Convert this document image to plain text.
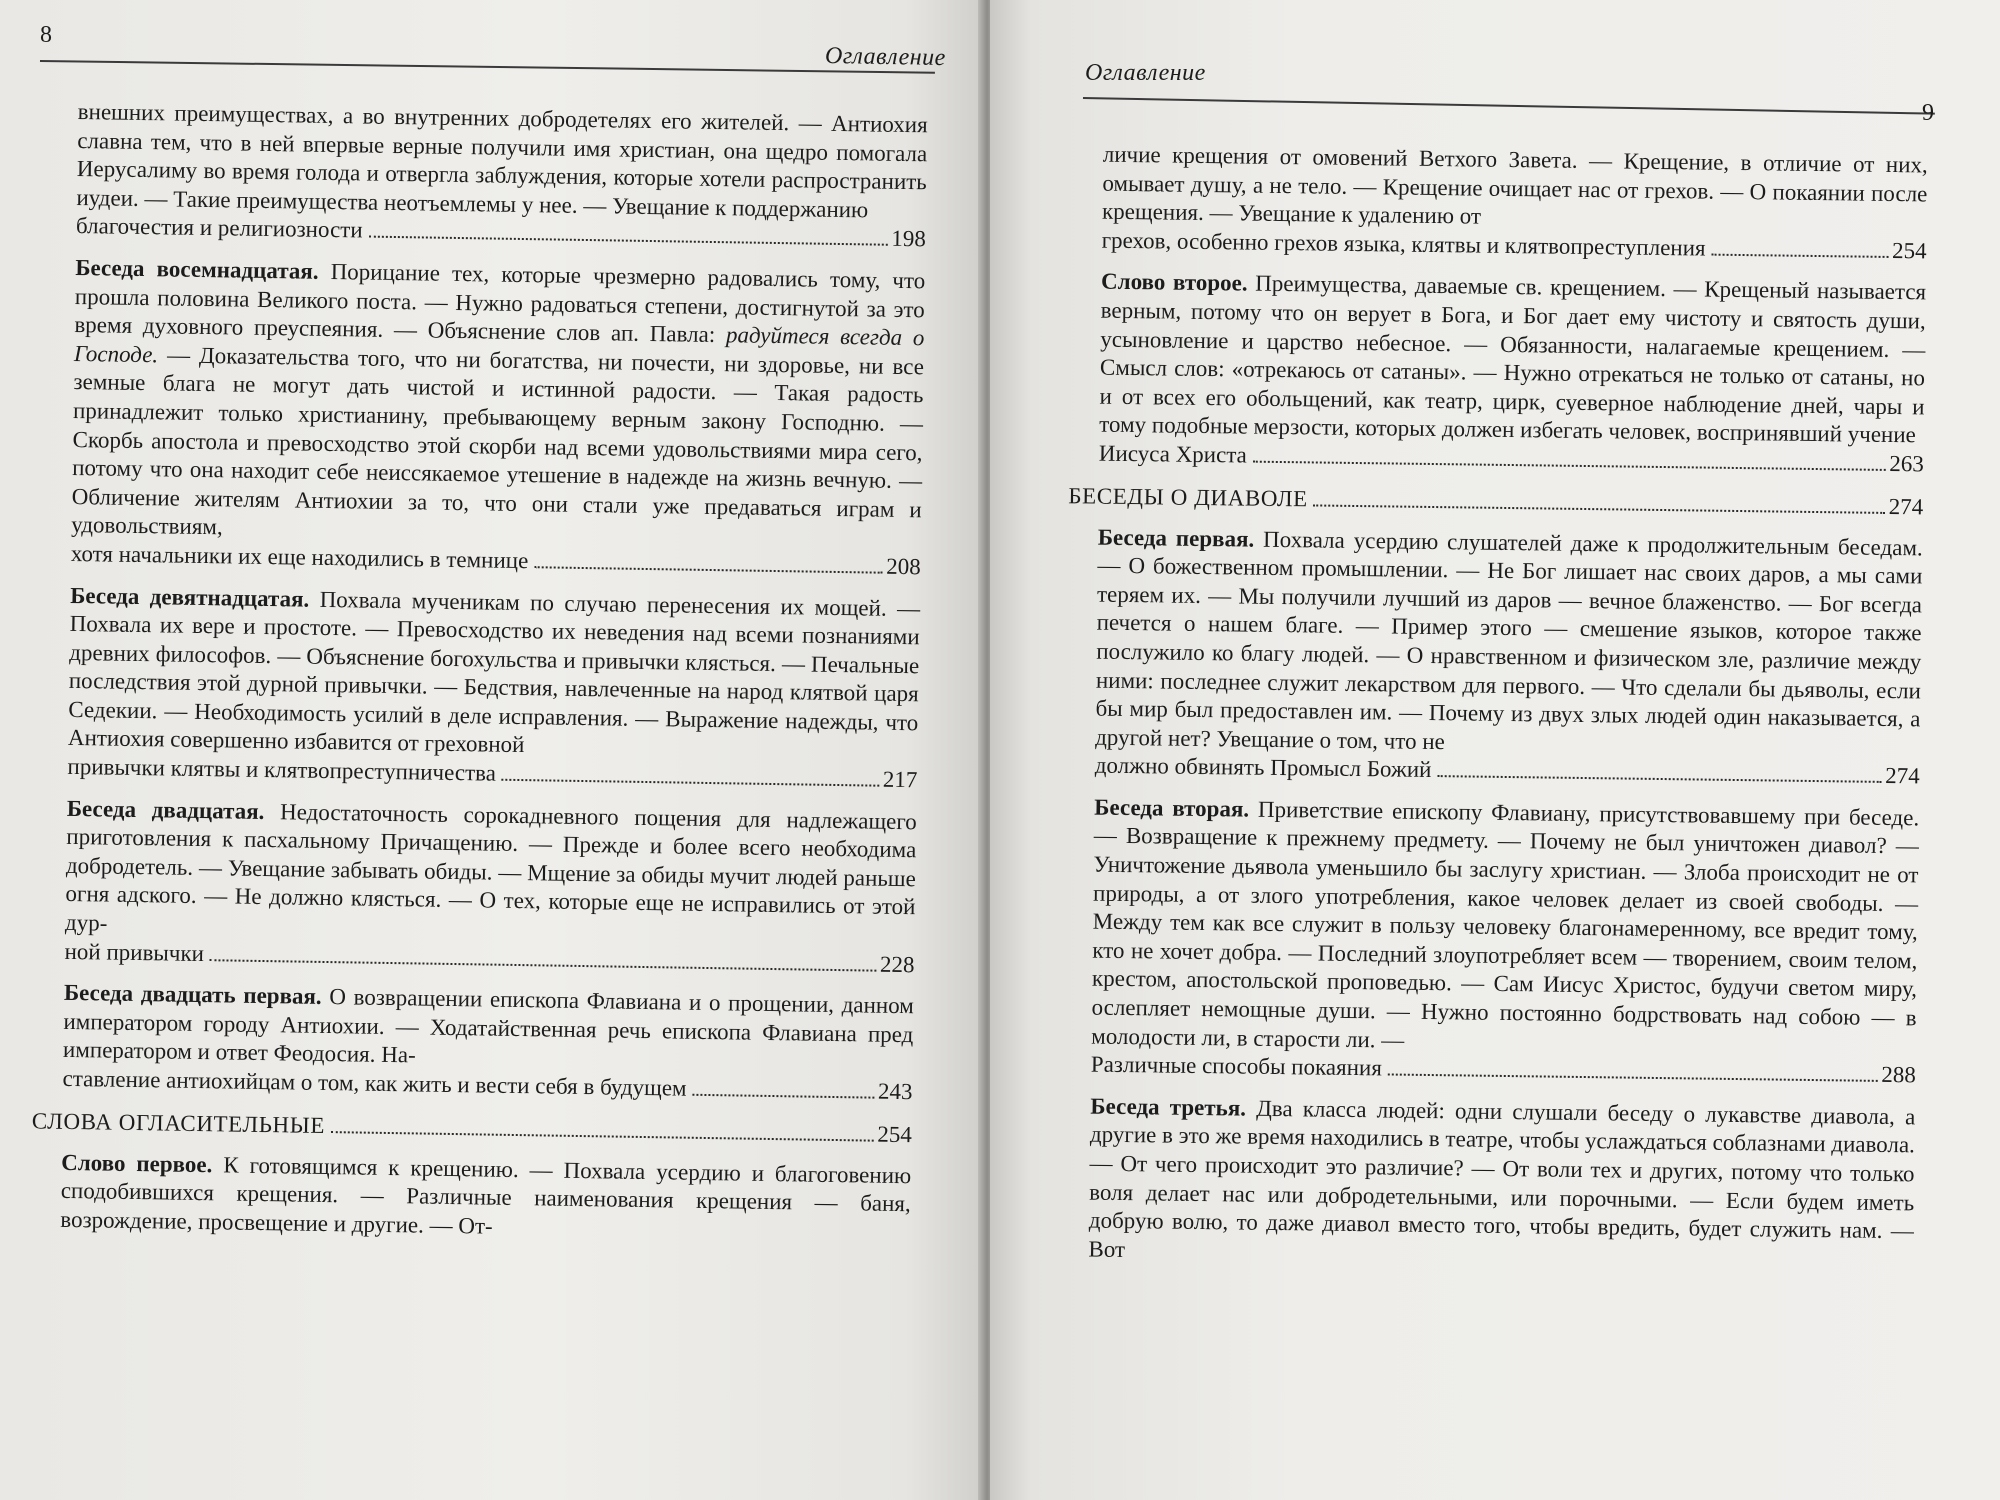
8
Оглавление
внешних преимуществах, а во внутренних добродетелях его жителей. — Антиохия славна тем, что в ней впервые верные получили имя христиан, она щедро помогала Иерусалиму во время голода и отвергла заблуждения, которые хотели распространить иудеи. — Такие преимущества неотъемлемы у нее. — Увещание к поддержанию
благочестия и религиозности	198
Беседа восемнадцатая. Порицание тех, которые чрезмерно радовались тому, что прошла половина Великого поста. — Нужно радоваться степени, достигнутой за это время духовного преуспеяния. — Объяснение слов ап. Павла: радуйтеся всегда о Господе. — Доказательства того, что ни богатства, ни почести, ни здоровье, ни все земные блага не могут дать чистой и истинной радости. — Такая радость принадлежит только христианину, пребывающему верным закону Господню. — Скорбь апостола и превосходство этой скорби над всеми удовольствиями мира сего, потому что она находит себе неиссякаемое утешение в надежде на жизнь вечную. — Обличение жителям Антиохии за то, что они стали уже предаваться играм и удовольствиям,
хотя начальники их еще находились в темнице	208
Беседа девятнадцатая. Похвала мученикам по случаю перенесения их мощей. — Похвала их вере и простоте. — Превосходство их неведения над всеми познаниями древних философов. — Объяснение богохульства и привычки клясться. — Печальные последствия этой дурной привычки. — Бедствия, навлеченные на народ клятвой царя Седекии. — Необходимость усилий в деле исправления. — Выражение надежды, что Антиохия совершенно избавится от греховной
привычки клятвы и клятвопреступничества	217
Беседа двадцатая. Недостаточность сорокадневного пощения для надлежащего приготовления к пасхальному Причащению. — Прежде и более всего необходима добродетель. — Увещание забывать обиды. — Мщение за обиды мучит людей раньше огня адского. — Не должно клясться. — О тех, которые еще не исправились от этой дур-
ной привычки	228
Беседа двадцать первая. О возвращении епископа Флавиана и о прощении, данном императором городу Антиохии. — Ходатайственная речь епископа Флавиана пред императором и ответ Феодосия. На-
ставление антиохийцам о том, как жить и вести себя в будущем	243
СЛОВА ОГЛАСИТЕЛЬНЫЕ	254
Слово первое. К готовящимся к крещению. — Похвала усердию и благоговению сподобившихся крещения. — Различные наименования крещения — баня, возрождение, просвещение и другие. — От-
Оглавление
9
личие крещения от омовений Ветхого Завета. — Крещение, в отличие от них, омывает душу, а не тело. — Крещение очищает нас от грехов. — О покаянии после крещения. — Увещание к удалению от
грехов, особенно грехов языка, клятвы и клятвопреступления	254
Слово второе. Преимущества, даваемые св. крещением. — Крещеный называется верным, потому что он верует в Бога, и Бог дает ему чистоту и святость души, усыновление и царство небесное. — Обязанности, налагаемые крещением. — Смысл слов: «отрекаюсь от сатаны». — Нужно отрекаться не только от сатаны, но и от всех его обольщений, как театр, цирк, суеверное наблюдение дней, чары и тому подобные мерзости, которых должен избегать человек, воспринявший учение
Иисуса Христа	263
БЕСЕДЫ О ДИАВОЛЕ	274
Беседа первая. Похвала усердию слушателей даже к продолжительным беседам. — О божественном промышлении. — Не Бог лишает нас своих даров, а мы сами теряем их. — Мы получили лучший из даров — вечное блаженство. — Бог всегда печется о нашем благе. — Пример этого — смешение языков, которое также послужило ко благу людей. — О нравственном и физическом зле, различие между ними: последнее служит лекарством для первого. — Что сделали бы дьяволы, если бы мир был предоставлен им. — Почему из двух злых людей один наказывается, а другой нет? Увещание о том, что не
должно обвинять Промысл Божий	274
Беседа вторая. Приветствие епископу Флавиану, присутствовавшему при беседе. — Возвращение к прежнему предмету. — Почему не был уничтожен диавол? — Уничтожение дьявола уменьшило бы заслугу христиан. — Злоба происходит не от природы, а от злого употребления, какое человек делает из своей свободы. — Между тем как все служит в пользу человеку благонамеренному, все вредит тому, кто не хочет добра. — Последний злоупотребляет всем — творением, своим телом, крестом, апостольской проповедью. — Сам Иисус Христос, будучи светом миру, ослепляет немощные души. — Нужно постоянно бодрствовать над собою — в молодости ли, в старости ли. —
Различные способы покаяния	288
Беседа третья. Два класса людей: одни слушали беседу о лукавстве диавола, а другие в это же время находились в театре, чтобы услаждаться соблазнами диавола. — От чего происходит это различие? — От воли тех и других, потому что только воля делает нас или добродетельными, или порочными. — Если будем иметь добрую волю, то даже диавол вместо того, чтобы вредить, будет служить нам. — Вот
